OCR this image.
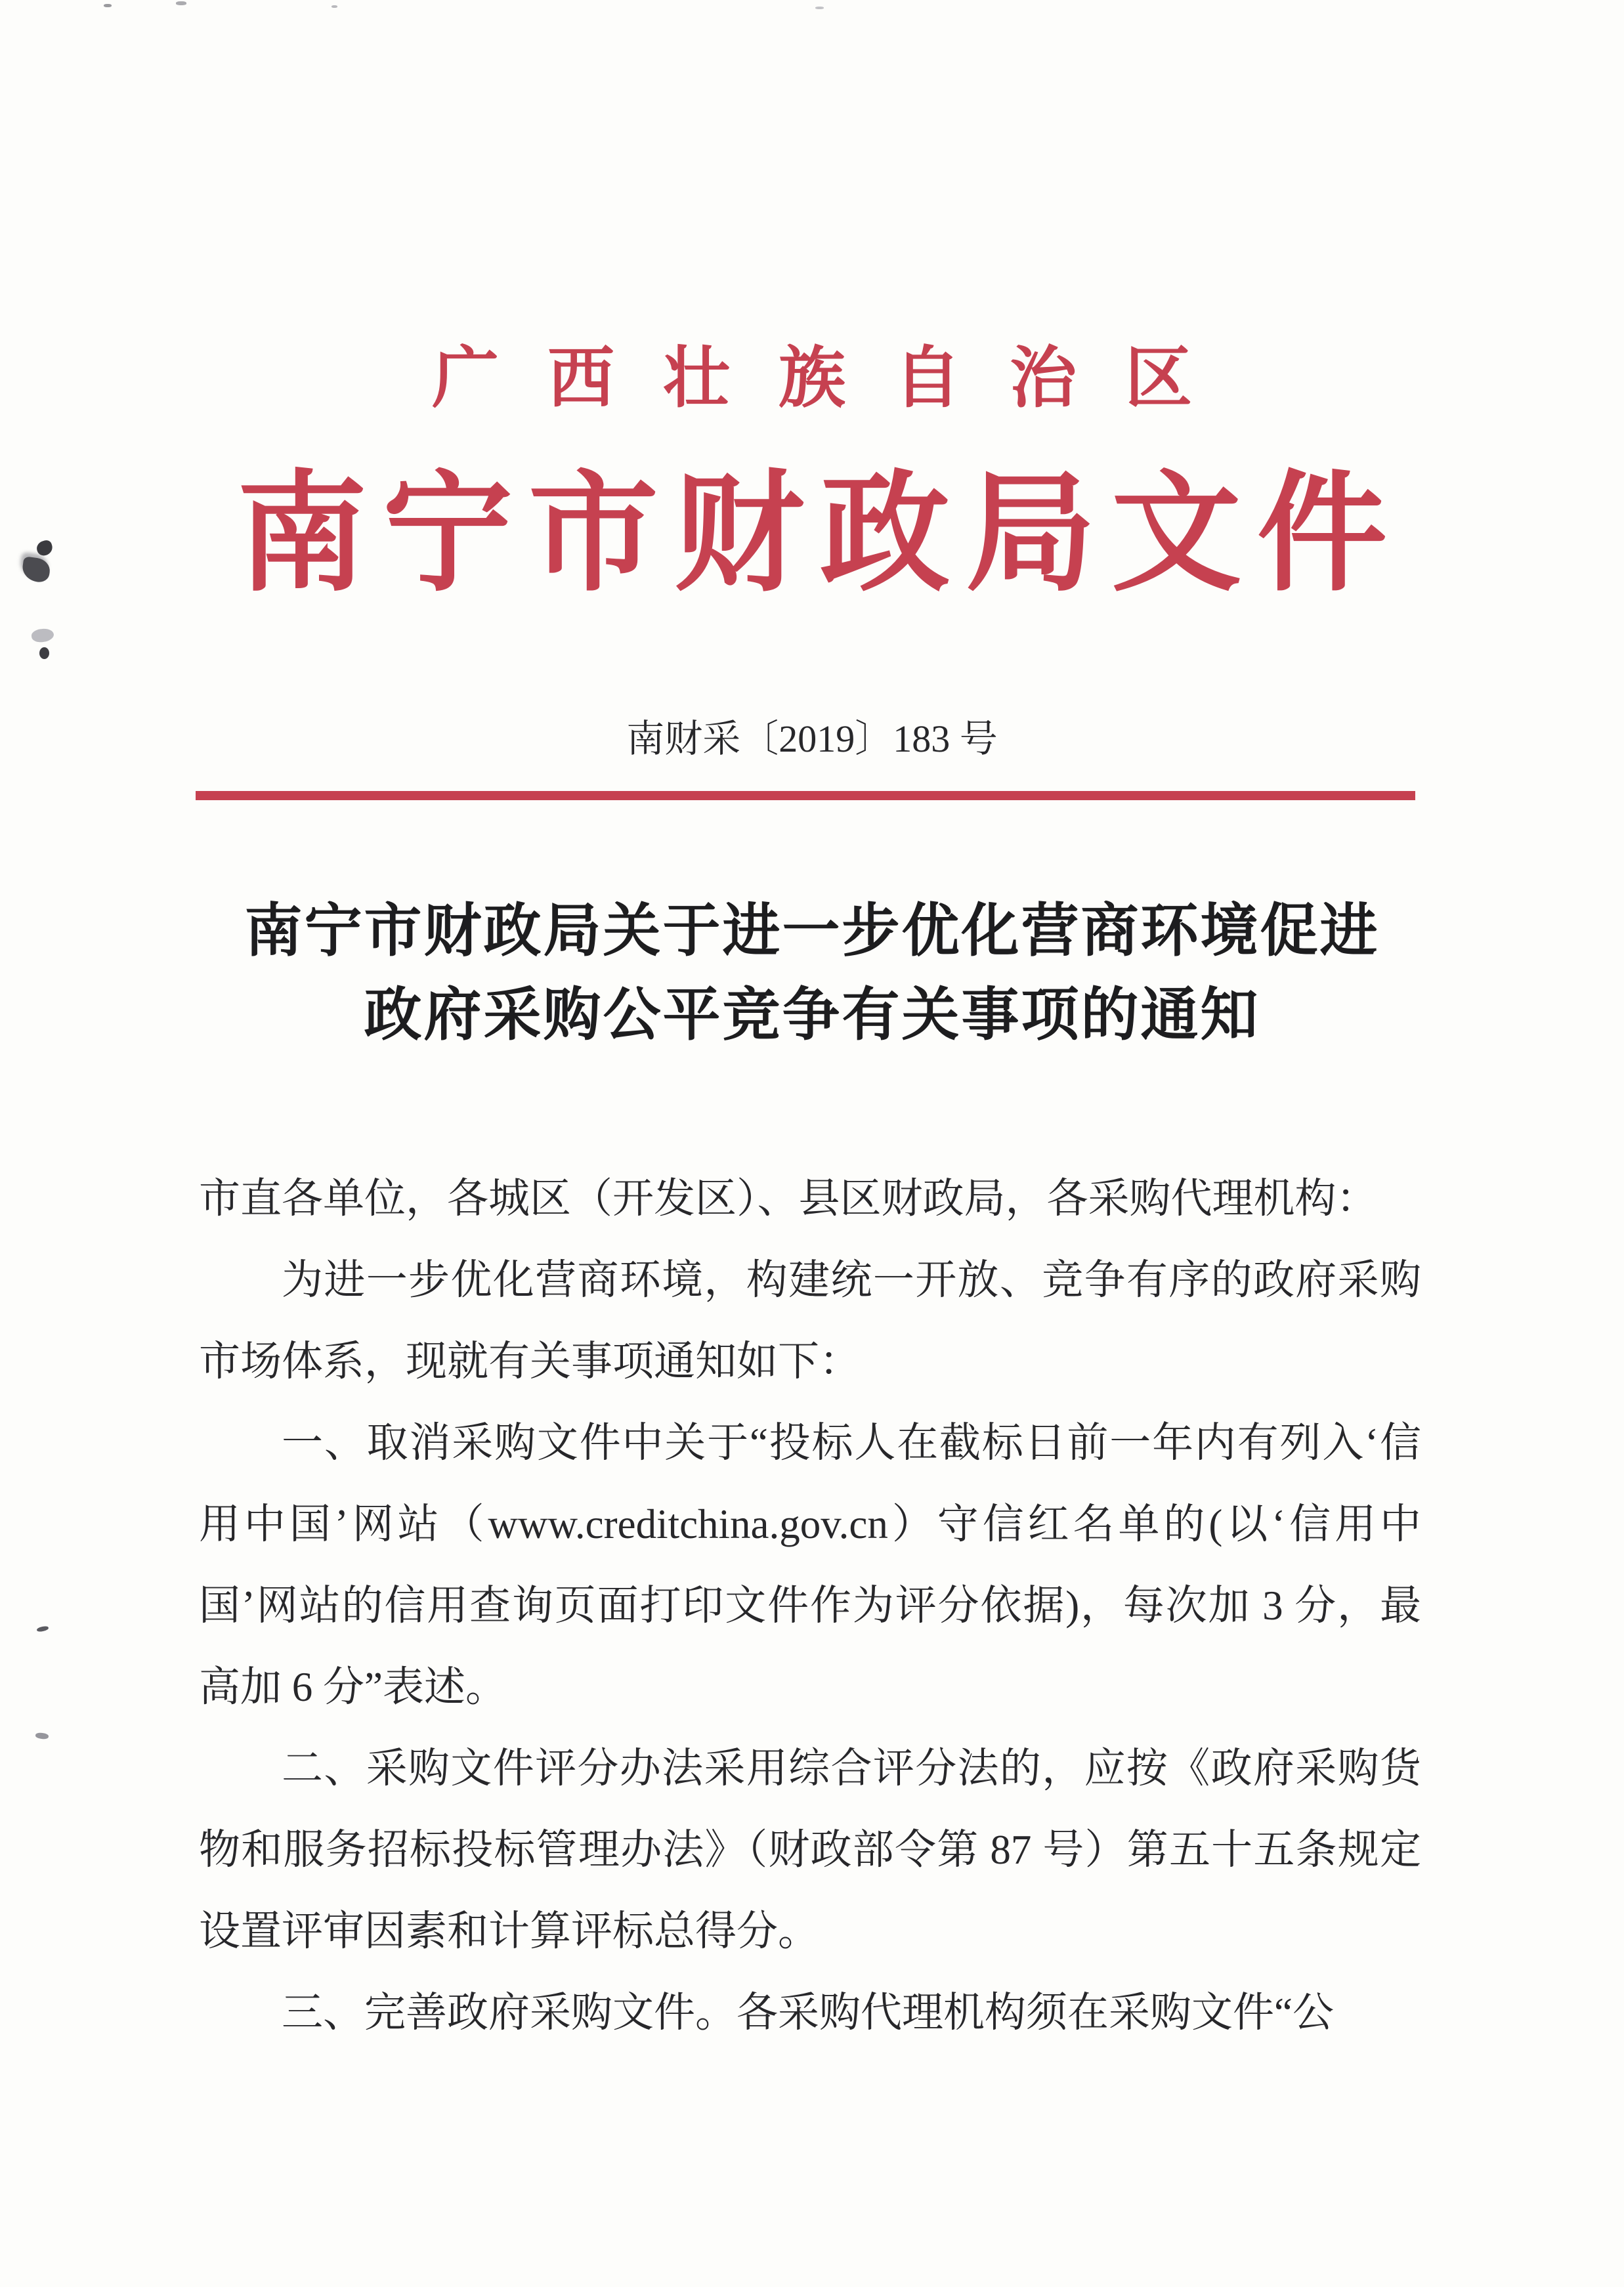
广西壮族自治区
南宁市财政局文件
南财采〔2019〕183 号
南宁市财政局关于进一步优化营商环境促进
政府采购公平竞争有关事项的通知

市直各单位，各城区（开发区）、县区财政局，各采购代理机构：

为进一步优化营商环境，构建统一开放、竞争有序的政府采购市场体系，现就有关事项通知如下：

一、取消采购文件中关于“投标人在截标日前一年内有列入‘信用中国’网站（www.creditchina.gov.cn）守信红名单的(以‘信用中国’网站的信用查询页面打印文件作为评分依据)，每次加 3 分，最高加 6 分”表述。

二、采购文件评分办法采用综合评分法的，应按《政府采购货物和服务招标投标管理办法》（财政部令第 87 号）第五十五条规定设置评审因素和计算评标总得分。

三、完善政府采购文件。各采购代理机构须在采购文件“公
